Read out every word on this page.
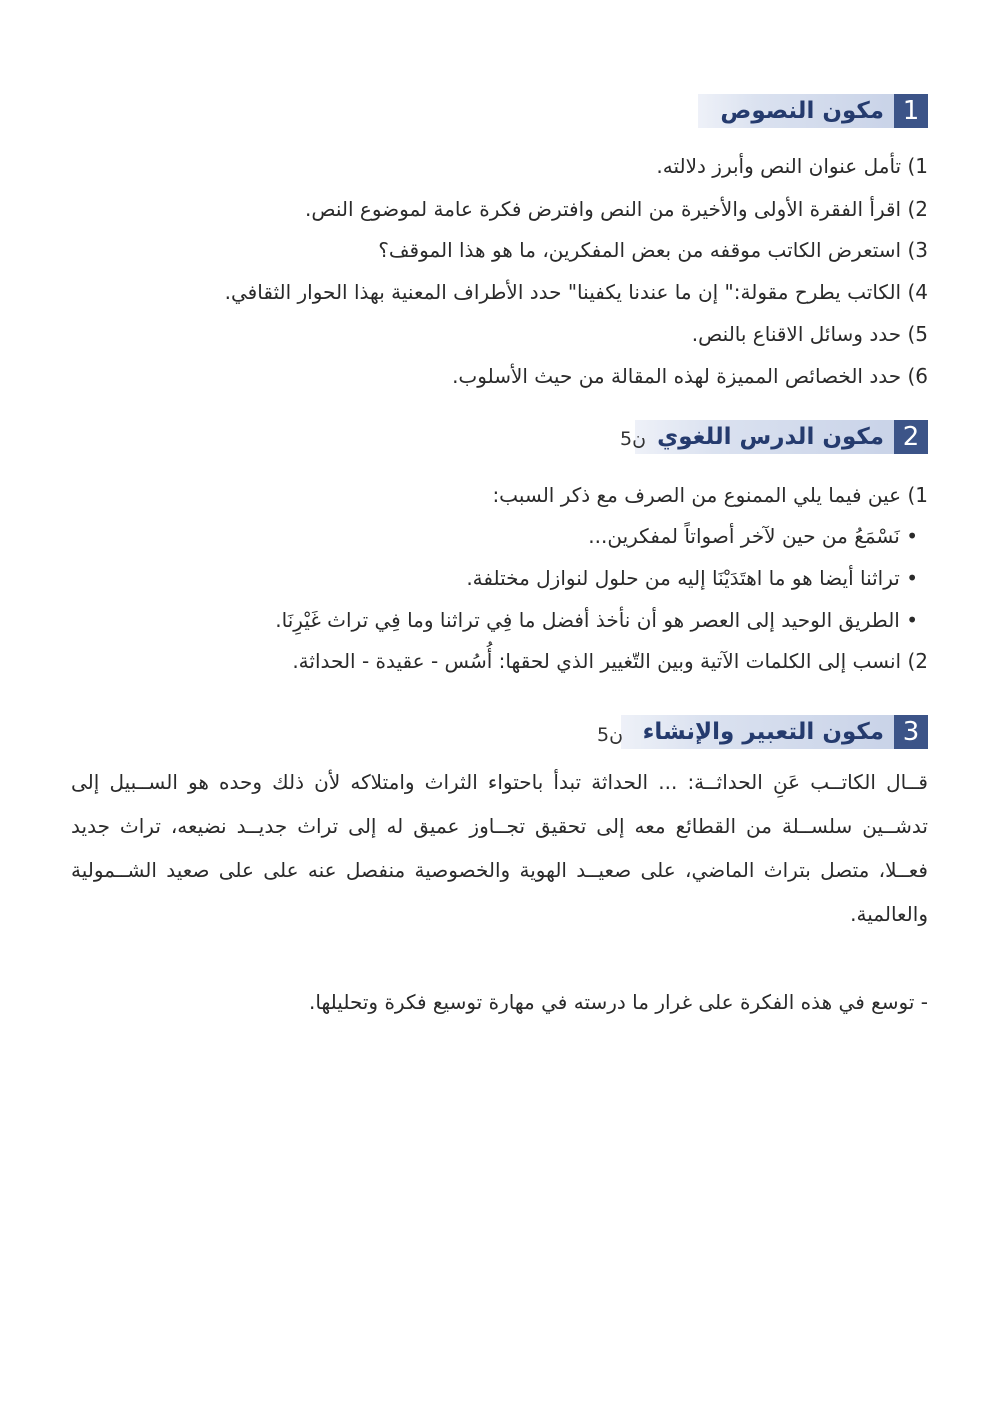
1
مكون النصوص
1) تأمل عنوان النص وأبرز دلالته.
2) اقرأ الفقرة الأولى والأخيرة من النص وافترض فكرة عامة لموضوع النص.
3) استعرض الكاتب موقفه من بعض المفكرين، ما هو هذا الموقف؟
4) الكاتب يطرح مقولة:" إن ما عندنا يكفينا" حدد الأطراف المعنية بهذا الحوار الثقافي.
5) حدد وسائل الاقناع بالنص.
6) حدد الخصائص المميزة لهذه المقالة من حيث الأسلوب.
2
مكون الدرس اللغوي
5ن
1) عين فيما يلي الممنوع من الصرف مع ذكر السبب:
• نَسْمَعُ من حين لآخر أصواتاً لمفكرين...
• تراثنا أيضا هو ما اهتَدَيْنَا إليه من حلول لنوازل مختلفة.
• الطريق الوحيد إلى العصر هو أن نأخذ أفضل ما فِي تراثنا وما فِي تراث غَيْرِنَا.
2) انسب إلى الكلمات الآتية وبين التّغيير الذي لحقها: أُسُس - عقيدة - الحداثة.
3
مكون التعبير والإنشاء
5ن
قــال الكاتــب عَنِ الحداثــة: ... الحداثة تبدأ باحتواء الثراث وامتلاكه لأن ذلك وحده هو الســبيل إلى تدشــين سلســلة من القطائع معه إلى تحقيق تجــاوز عميق له إلى تراث جديــد نضيعه، تراث جديد فعــلا، متصل بتراث الماضي، على صعيــد الهوية والخصوصية منفصل عنه على على صعيد الشــمولية والعالمية.
- توسع في هذه الفكرة على غرار ما درسته في مهارة توسيع فكرة وتحليلها.
